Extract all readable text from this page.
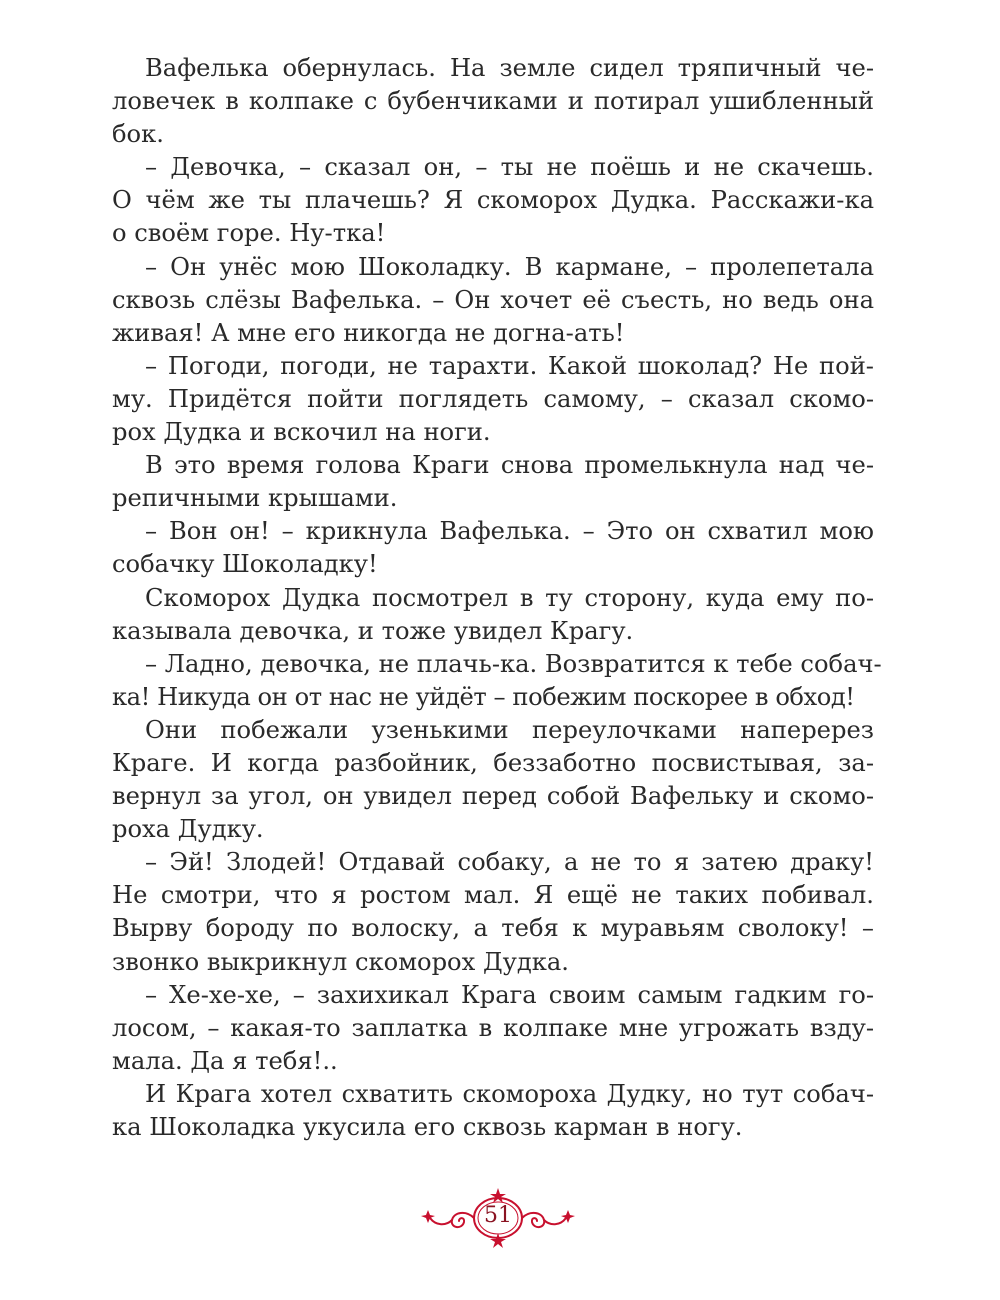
Вафелька обернулась. На земле сидел тряпичный че-
ловечек в колпаке с бубенчиками и потирал ушибленный
бок.
– Девочка, – сказал он, – ты не поёшь и не скачешь.
О чём же ты плачешь? Я скоморох Дудка. Расскажи-ка
о своём горе. Ну-тка!
– Он унёс мою Шоколадку. В кармане, – пролепетала
сквозь слёзы Вафелька. – Он хочет её съесть, но ведь она
живая! А мне его никогда не догна-ать!
– Погоди, погоди, не тарахти. Какой шоколад? Не пой-
му. Придётся пойти поглядеть самому, – сказал скомо-
рох Дудка и вскочил на ноги.
В это время голова Краги снова промелькнула над че-
репичными крышами.
– Вон он! – крикнула Вафелька. – Это он схватил мою
собачку Шоколадку!
Скоморох Дудка посмотрел в ту сторону, куда ему по-
казывала девочка, и тоже увидел Крагу.
– Ладно, девочка, не плачь-ка. Возвратится к тебе собач-
ка! Никуда он от нас не уйдёт – побежим поскорее в обход!
Они побежали узенькими переулочками наперерез
Краге. И когда разбойник, беззаботно посвистывая, за-
вернул за угол, он увидел перед собой Вафельку и скомо-
роха Дудку.
– Эй! Злодей! Отдавай собаку, а не то я затею драку!
Не смотри, что я ростом мал. Я ещё не таких побивал.
Вырву бороду по волоску, а тебя к муравьям сволоку! –
звонко выкрикнул скоморох Дудка.
– Хе-хе-хе, – захихикал Крага своим самым гадким го-
лосом, – какая-то заплатка в колпаке мне угрожать взду-
мала. Да я тебя!..
И Крага хотел схватить скомороха Дудку, но тут собач-
ка Шоколадка укусила его сквозь карман в ногу.
51
